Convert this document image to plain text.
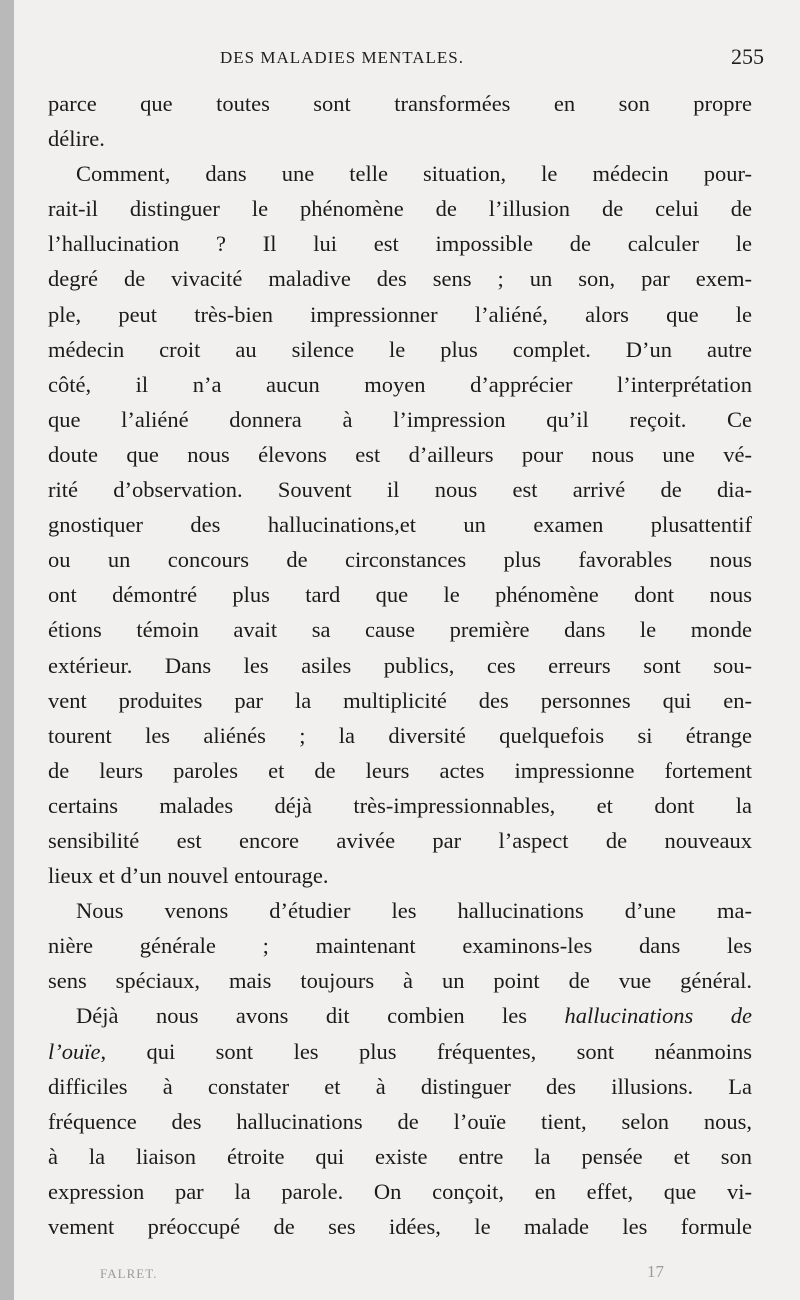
DES MALADIES MENTALES.	255
parce que toutes sont transformées en son propre
délire.
Comment, dans une telle situation, le médecin pour-
rait-il distinguer le phénomène de l’illusion de celui de
l’hallucination ? Il lui est impossible de calculer le
degré de vivacité maladive des sens ; un son, par exem-
ple, peut très-bien impressionner l’aliéné, alors que le
médecin croit au silence le plus complet. D’un autre
côté, il n’a aucun moyen d’apprécier l’interprétation
que l’aliéné donnera à l’impression qu’il reçoit. Ce
doute que nous élevons est d’ailleurs pour nous une vé-
rité d’observation. Souvent il nous est arrivé de dia-
gnostiquer des hallucinations,et un examen plusattentif
ou un concours de circonstances plus favorables nous
ont démontré plus tard que le phénomène dont nous
étions témoin avait sa cause première dans le monde
extérieur. Dans les asiles publics, ces erreurs sont sou-
vent produites par la multiplicité des personnes qui en-
tourent les aliénés ; la diversité quelquefois si étrange
de leurs paroles et de leurs actes impressionne fortement
certains malades déjà très-impressionnables, et dont la
sensibilité est encore avivée par l’aspect de nouveaux
lieux et d’un nouvel entourage.
Nous venons d’étudier les hallucinations d’une ma-
nière générale ; maintenant examinons-les dans les
sens spéciaux, mais toujours à un point de vue général.
Déjà nous avons dit combien les hallucinations de
l’ouïe, qui sont les plus fréquentes, sont néanmoins
difficiles à constater et à distinguer des illusions. La
fréquence des hallucinations de l’ouïe tient, selon nous,
à la liaison étroite qui existe entre la pensée et son
expression par la parole. On conçoit, en effet, que vi-
vement préoccupé de ses idées, le malade les formule
FALRET.	17
